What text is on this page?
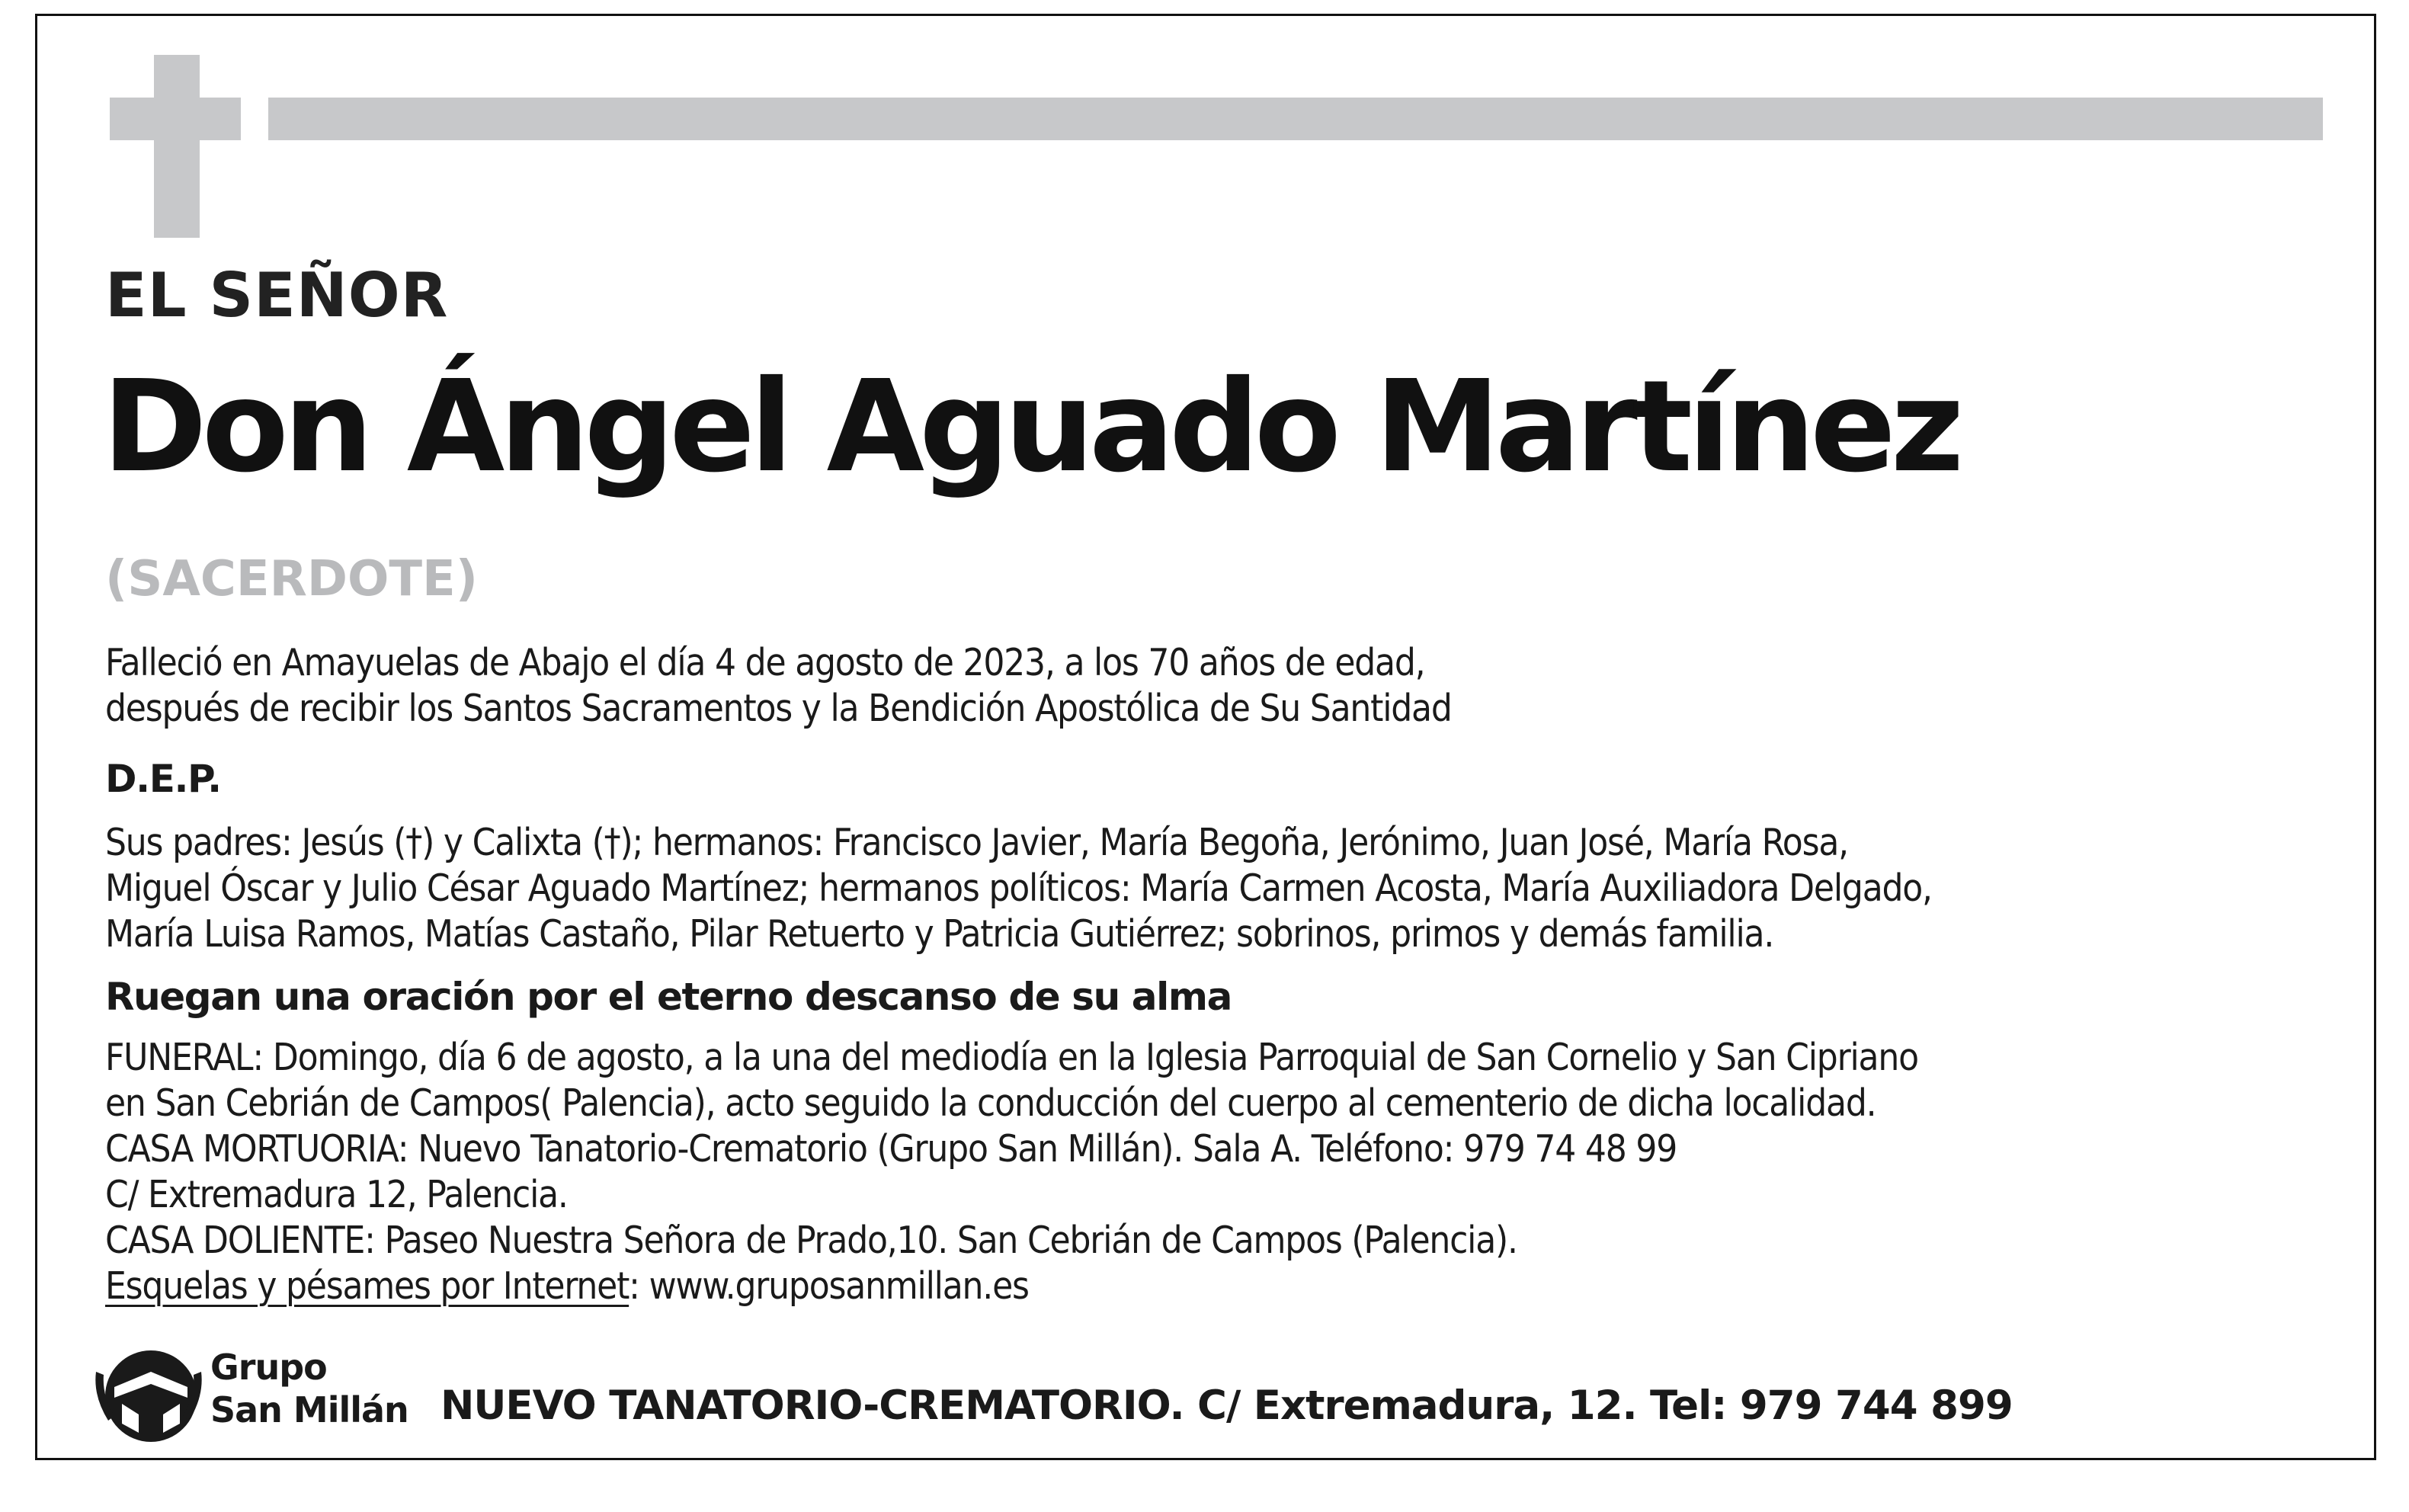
EL SEÑOR
Don Ángel Aguado Martínez
(SACERDOTE)
Falleció en Amayuelas de Abajo el día 4 de agosto de 2023, a los 70 años de edad,
después de recibir los Santos Sacramentos y la Bendición Apostólica de Su Santidad
D.E.P.
Sus padres: Jesús (†) y Calixta (†); hermanos: Francisco Javier, María Begoña, Jerónimo, Juan José, María Rosa,
Miguel Óscar y Julio César Aguado Martínez; hermanos políticos: María Carmen Acosta, María Auxiliadora Delgado,
María Luisa Ramos, Matías Castaño, Pilar Retuerto y Patricia Gutiérrez; sobrinos, primos y demás familia.
Ruegan una oración por el eterno descanso de su alma
FUNERAL: Domingo, día 6 de agosto, a la una del mediodía en la Iglesia Parroquial de San Cornelio y San Cipriano
en San Cebrián de Campos( Palencia), acto seguido la conducción del cuerpo al cementerio de dicha localidad.
CASA MORTUORIA: Nuevo Tanatorio-Crematorio (Grupo San Millán). Sala A. Teléfono: 979 74 48 99
C/ Extremadura 12, Palencia.
CASA DOLIENTE: Paseo Nuestra Señora de Prado,10. San Cebrián de Campos (Palencia).
Esquelas y pésames por Internet: www.gruposanmillan.es
Grupo
San Millán NUEVO TANATORIO-CREMATORIO. C/ Extremadura, 12. Tel: 979 744 899
